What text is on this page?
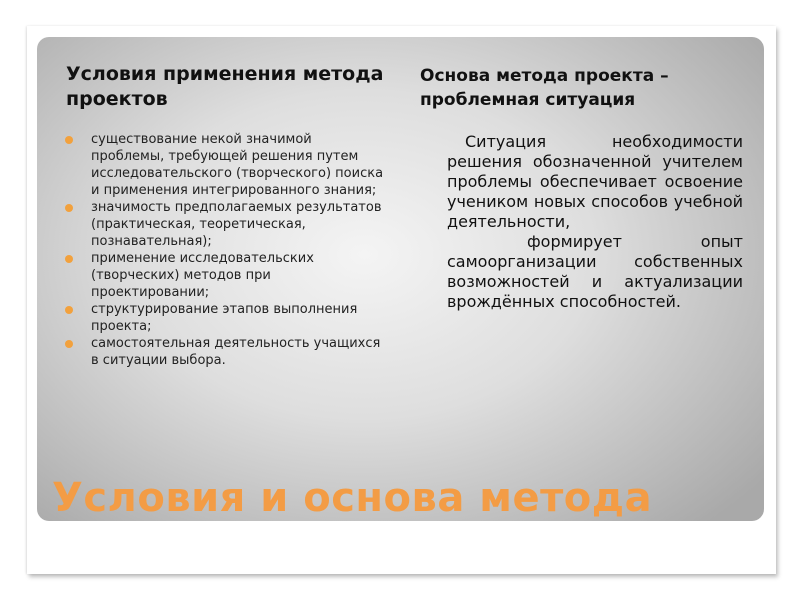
Условия применения метода проектов
существование некой значимой проблемы, требующей решения путем исследовательского (творческого) поиска и применения интегрированного знания;
значимость предполагаемых результатов (практическая, теоретическая,
познавательная);
применение исследовательских (творческих) методов при проектировании;
структурирование этапов выполнения проекта;
самостоятельная деятельность учащихся в ситуации выбора.
Основа метода проекта – проблемная ситуация

Ситуация необходимости решения обозначенной учителем проблемы обеспечивает освоение учеником новых способов учебной деятельности,
формирует опыт самоорганизации собственных возможностей и актуализации врождённых способностей.

Условия и основа метода
